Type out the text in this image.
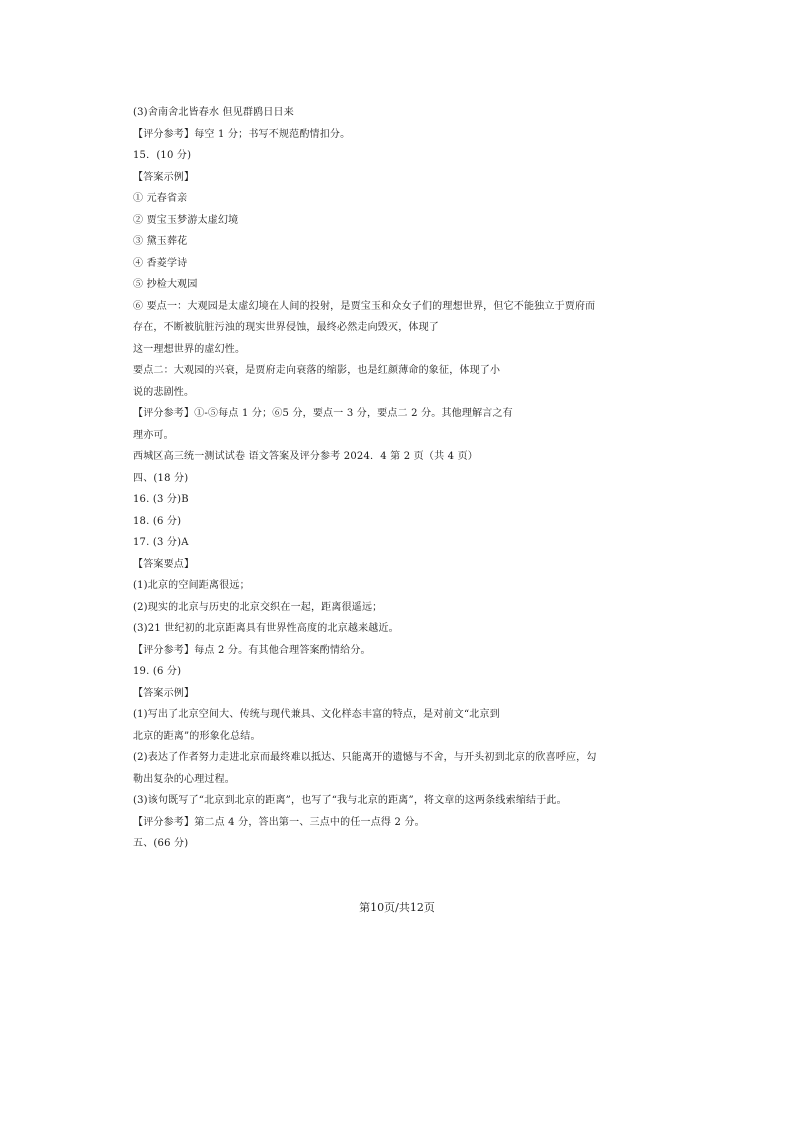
(3)舍南舍北皆春水 但见群鸥日日来
【评分参考】每空 1 分；书写不规范酌情扣分。
15．(10 分)
【答案示例】
① 元春省亲
② 贾宝玉梦游太虚幻境
③ 黛玉葬花
④ 香菱学诗
⑤ 抄检大观园
⑥ 要点一：大观园是太虚幻境在人间的投射，是贾宝玉和众女子们的理想世界，但它不能独立于贾府而
存在，不断被肮脏污浊的现实世界侵蚀，最终必然走向毁灭，体现了
这一理想世界的虚幻性。
要点二：大观园的兴衰，是贾府走向衰落的缩影，也是红颜薄命的象征，体现了小
说的悲剧性。
【评分参考】①-⑤每点 1 分；⑥5 分，要点一 3 分，要点二 2 分。其他理解言之有
理亦可。
西城区高三统一测试试卷 语文答案及评分参考 2024．4 第 2 页（共 4 页）
四、(18 分)
16. (3 分)B
18. (6 分)
17. (3 分)A
【答案要点】
(1)北京的空间距离很远；
(2)现实的北京与历史的北京交织在一起，距离很遥远；
(3)21 世纪初的北京距离具有世界性高度的北京越来越近。
【评分参考】每点 2 分。有其他合理答案酌情给分。
19. (6 分)
【答案示例】
(1)写出了北京空间大、传统与现代兼具、文化样态丰富的特点，是对前文“北京到
北京的距离”的形象化总结。
(2)表达了作者努力走进北京而最终难以抵达、只能离开的遗憾与不舍，与开头初到北京的欣喜呼应，勾
勒出复杂的心理过程。
(3)该句既写了“北京到北京的距离”，也写了“我与北京的距离”，将文章的这两条线索缩结于此。
【评分参考】第二点 4 分，答出第一、三点中的任一点得 2 分。
五、(66 分)
第10页/共12页
